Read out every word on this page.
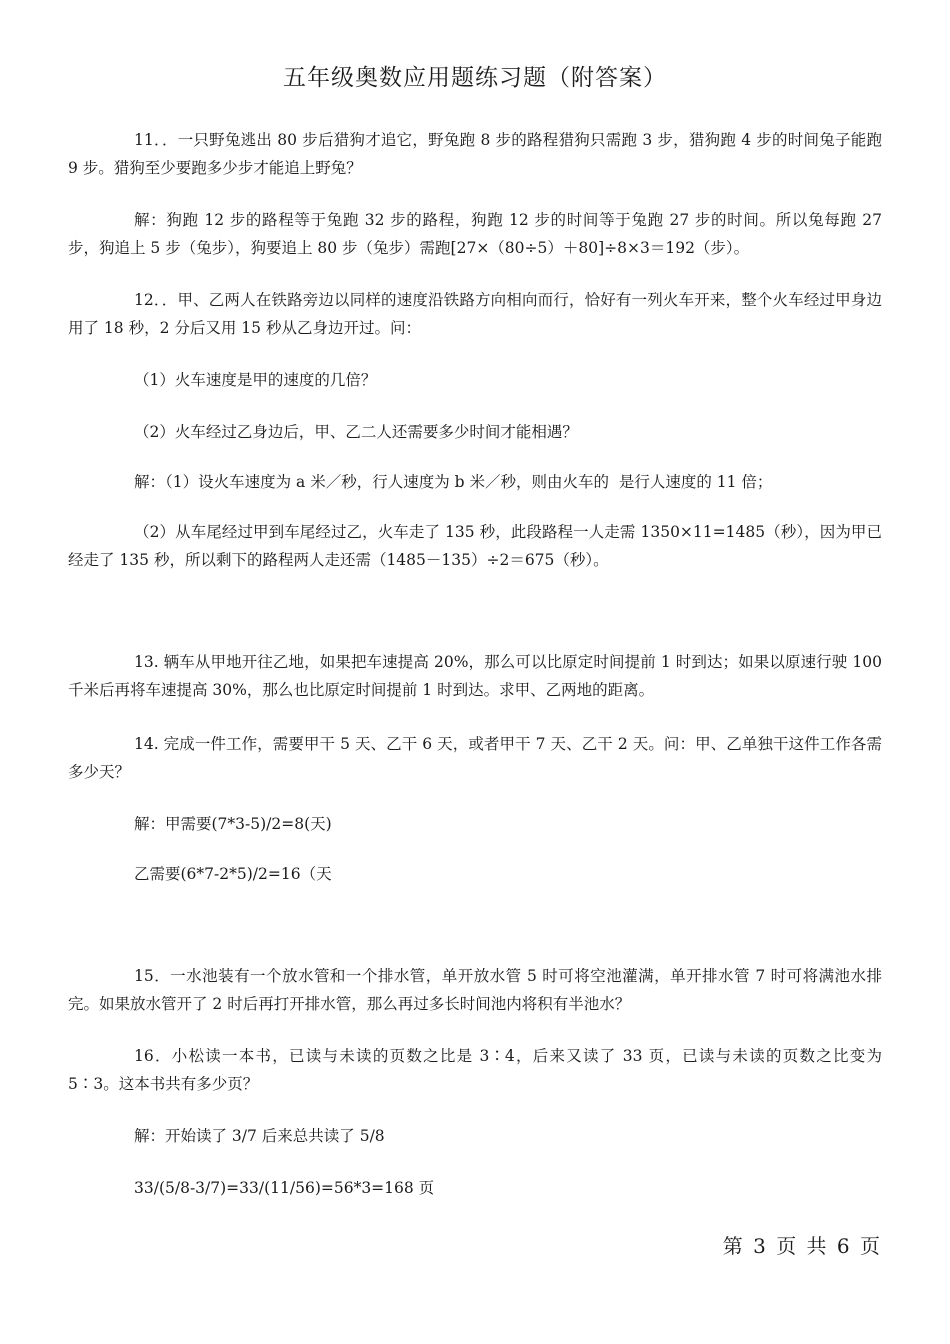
五年级奥数应用题练习题（附答案）
11．．一只野兔逃出 80 步后猎狗才追它，野兔跑 8 步的路程猎狗只需跑 3 步，猎狗跑 4 步的时间兔子能跑 9 步。猎狗至少要跑多少步才能追上野兔？
解：狗跑 12 步的路程等于兔跑 32 步的路程，狗跑 12 步的时间等于兔跑 27 步的时间。所以兔每跑 27 步，狗追上 5 步（兔步），狗要追上 80 步（兔步）需跑[27×（80÷5）＋80]÷8×3＝192（步）。
12．．甲、乙两人在铁路旁边以同样的速度沿铁路方向相向而行，恰好有一列火车开来，整个火车经过甲身边用了 18 秒，2 分后又用 15 秒从乙身边开过。问：
（1）火车速度是甲的速度的几倍？
（2）火车经过乙身边后，甲、乙二人还需要多少时间才能相遇？
解：（1）设火车速度为 a 米／秒，行人速度为 b 米／秒，则由火车的  是行人速度的 11 倍；
（2）从车尾经过甲到车尾经过乙，火车走了 135 秒，此段路程一人走需 1350×11=1485（秒），因为甲已经走了 135 秒，所以剩下的路程两人走还需（1485－135）÷2＝675（秒）。
13. 辆车从甲地开往乙地，如果把车速提高 20%，那么可以比原定时间提前 1 时到达；如果以原速行驶 100 千米后再将车速提高 30%，那么也比原定时间提前 1 时到达。求甲、乙两地的距离。
14. 完成一件工作，需要甲干 5 天、乙干 6 天，或者甲干 7 天、乙干 2 天。问：甲、乙单独干这件工作各需多少天？
解：甲需要(7*3-5)/2=8(天)
乙需要(6*7-2*5)/2=16（天
15．一水池装有一个放水管和一个排水管，单开放水管 5 时可将空池灌满，单开排水管 7 时可将满池水排完。如果放水管开了 2 时后再打开排水管，那么再过多长时间池内将积有半池水？
16．小松读一本书，已读与未读的页数之比是 3∶4，后来又读了 33 页，已读与未读的页数之比变为 5∶3。这本书共有多少页？
解：开始读了 3/7 后来总共读了 5/8
33/(5/8-3/7)=33/(11/56)=56*3=168 页
第 3 页 共 6 页
